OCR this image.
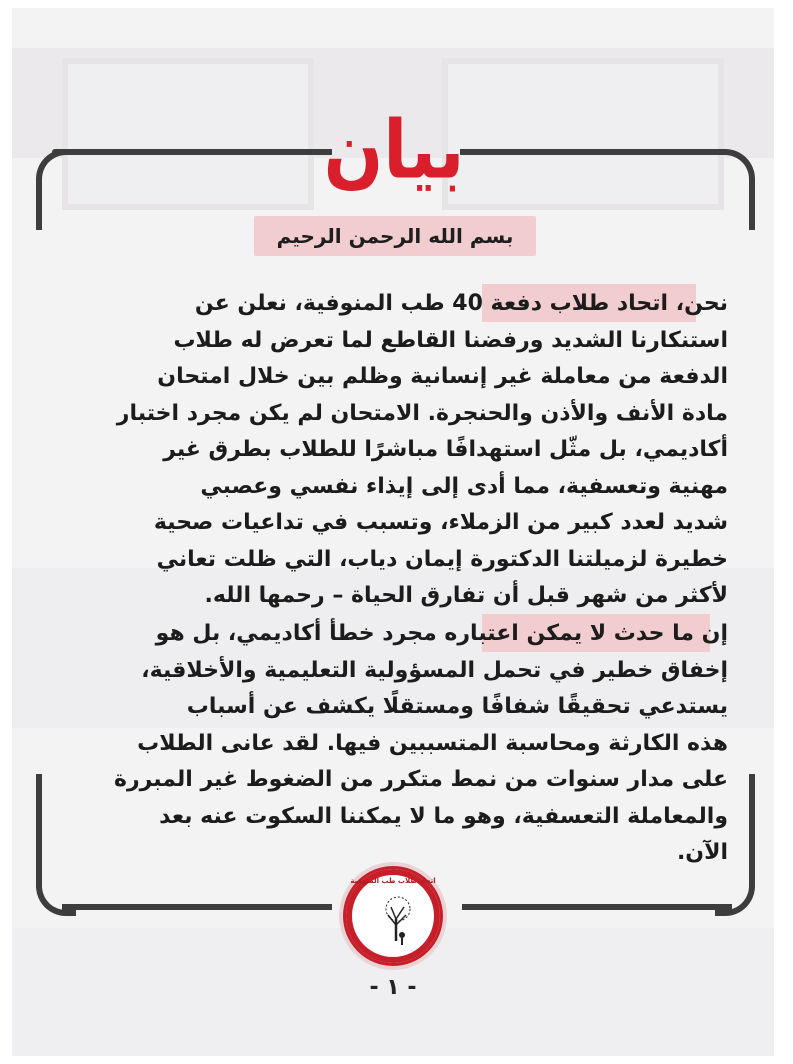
بيان
بسم الله الرحمن الرحيم
نحن، اتحاد طلاب دفعة 40 طب المنوفية، نعلن عن
استنكارنا الشديد ورفضنا القاطع لما تعرض له طلاب
الدفعة من معاملة غير إنسانية وظلم بين خلال امتحان
مادة الأنف والأذن والحنجرة. الامتحان لم يكن مجرد اختبار
أكاديمي، بل مثّل استهدافًا مباشرًا للطلاب بطرق غير
مهنية وتعسفية، مما أدى إلى إيذاء نفسي وعصبي
شديد لعدد كبير من الزملاء، وتسبب في تداعيات صحية
خطيرة لزميلتنا الدكتورة إيمان دياب، التي ظلت تعاني
لأكثر من شهر قبل أن تفارق الحياة – رحمها الله.
إن ما حدث لا يمكن اعتباره مجرد خطأ أكاديمي، بل هو
إخفاق خطير في تحمل المسؤولية التعليمية والأخلاقية،
يستدعي تحقيقًا شفافًا ومستقلًا يكشف عن أسباب
هذه الكارثة ومحاسبة المتسببين فيها. لقد عانى الطلاب
على مدار سنوات من نمط متكرر من الضغوط غير المبررة
والمعاملة التعسفية، وهو ما لا يمكننا السكوت عنه بعد
الآن.
اتحاد طلاب طب المنوفية
- ١ -
